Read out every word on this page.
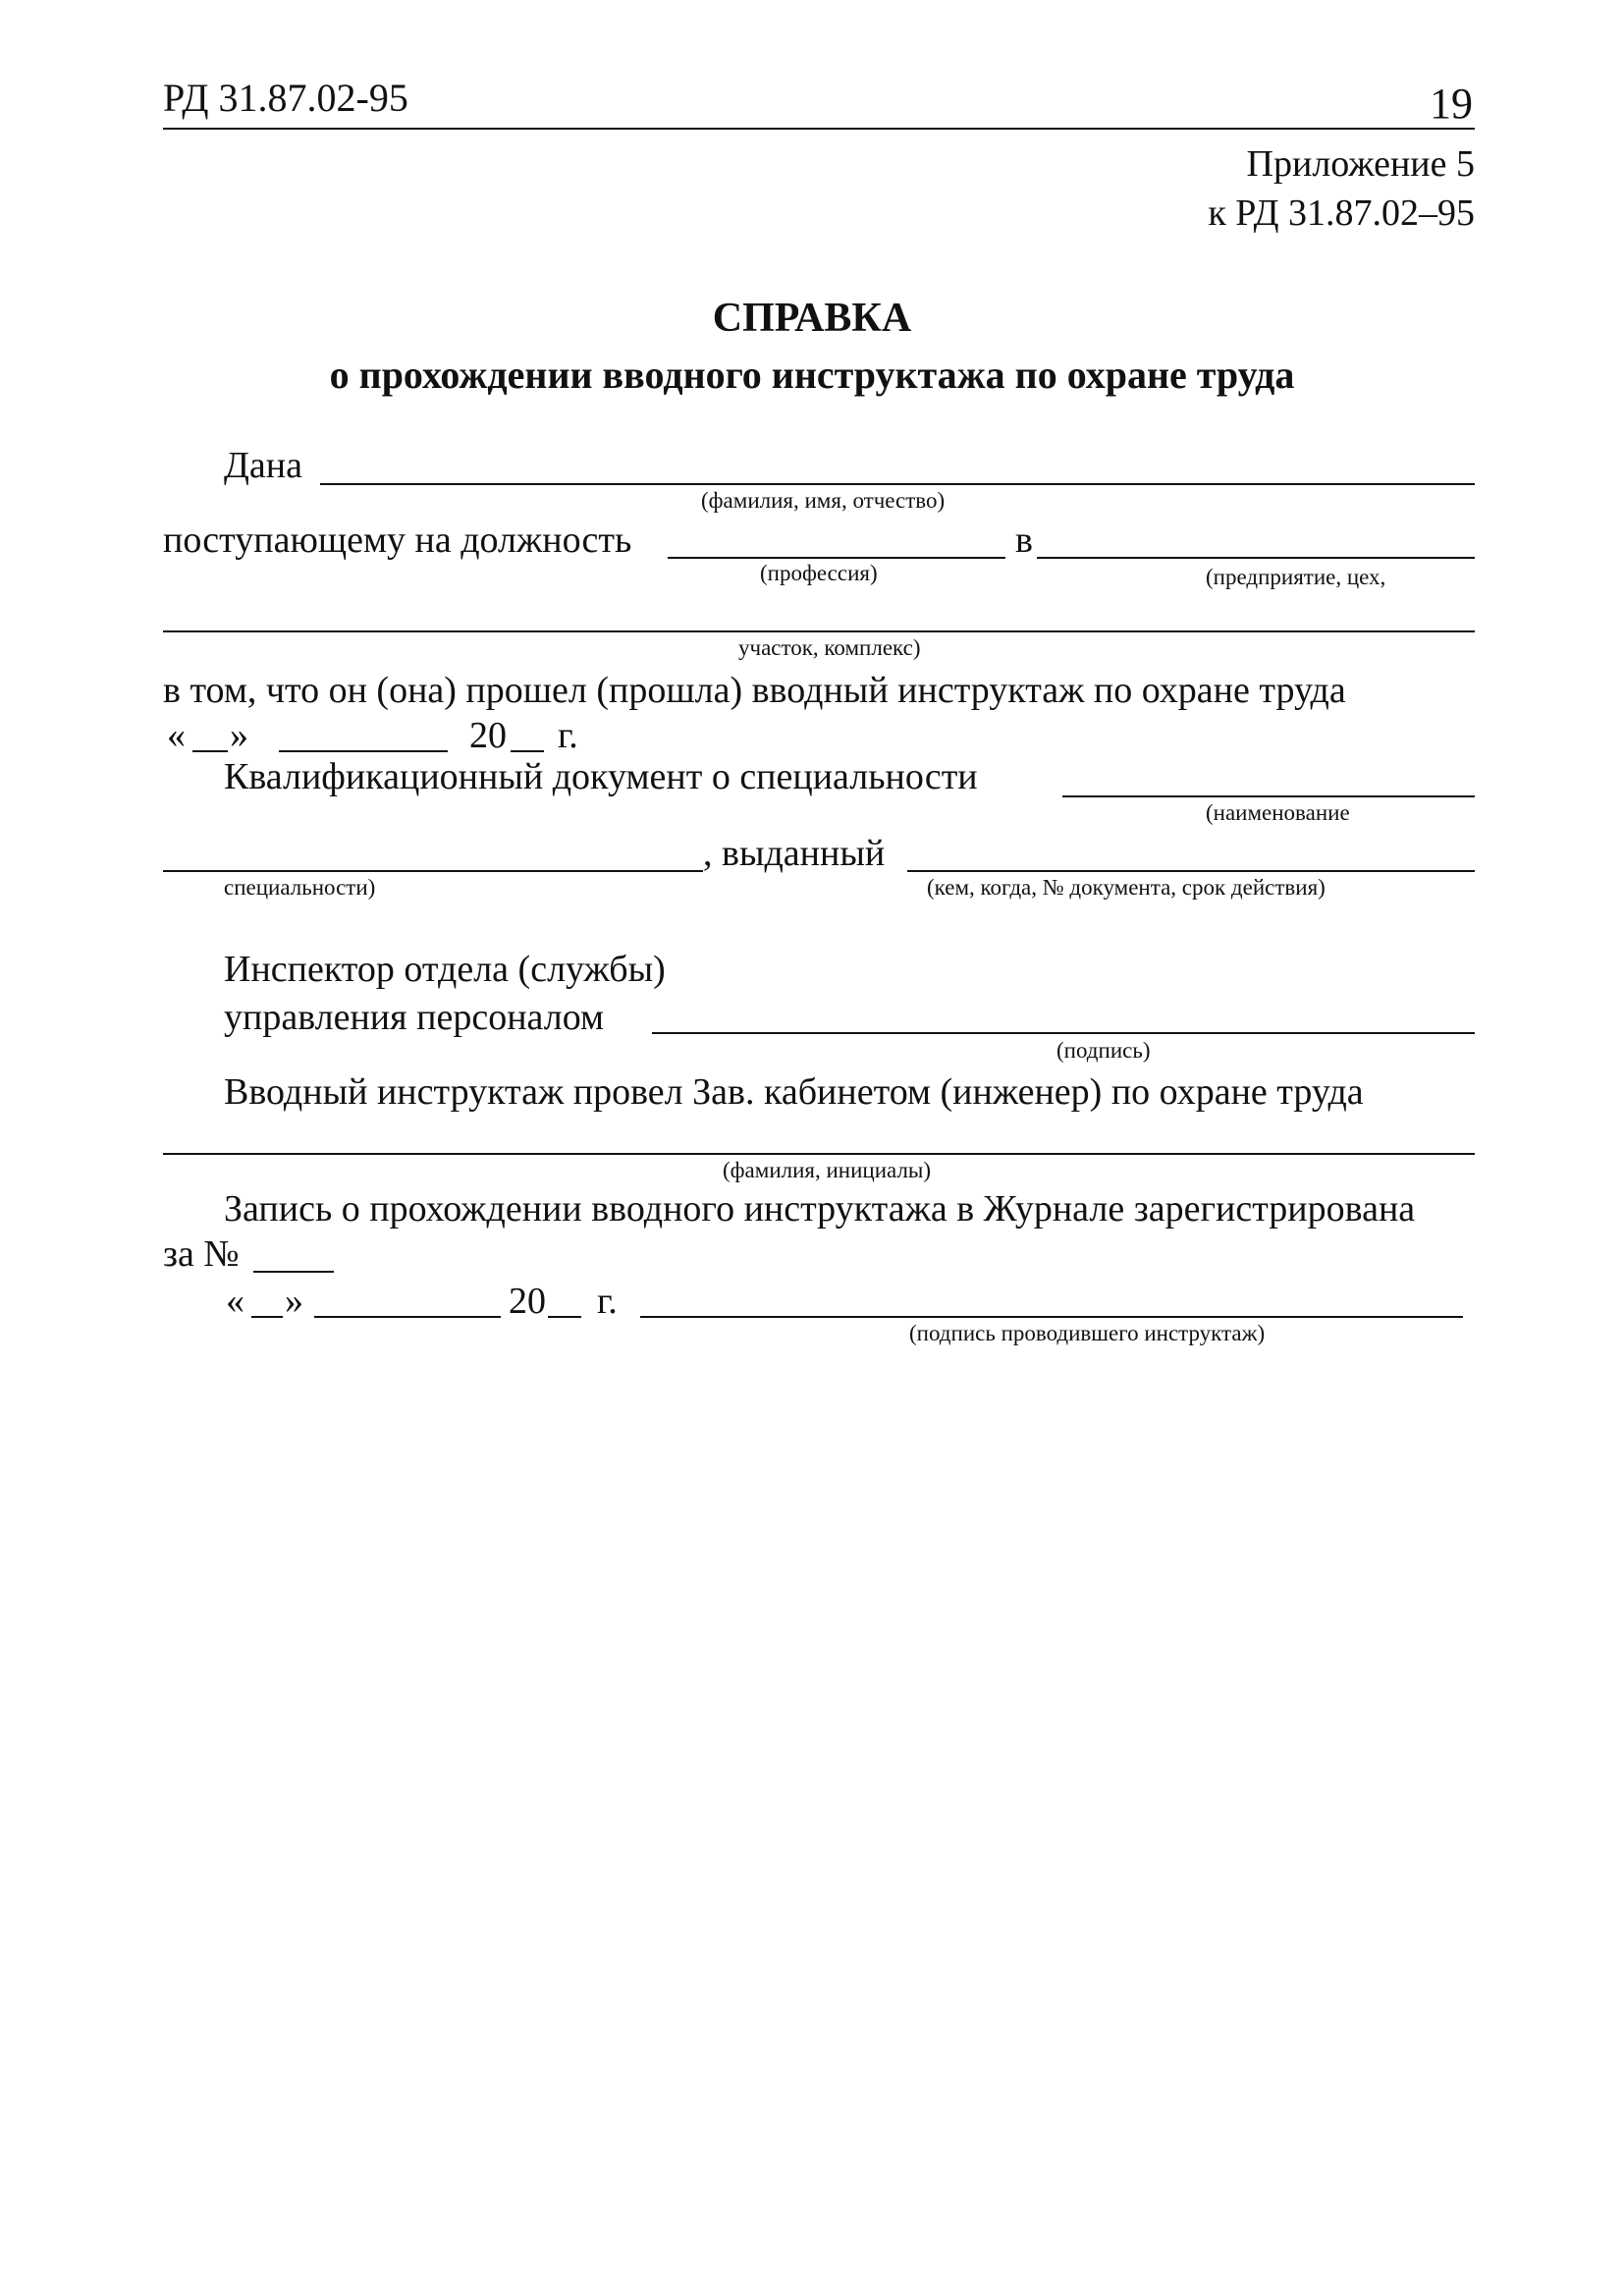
РД 31.87.02-95	19
Приложение 5
к РД 31.87.02–95
СПРАВКА
о прохождении вводного инструктажа по охране труда
Дана
(фамилия, имя, отчество)
поступающему на должность	в
(профессия)	(предприятие, цех,
участок, комплекс)
в том, что он (она) прошел (прошла) вводный инструктаж по охране труда
« »	20 г.
Квалификационный документ о специальности
(наименование
, выданный
специальности)	(кем, когда, № документа, срок действия)
Инспектор отдела (службы)
управления персоналом
(подпись)
Вводный инструктаж провел Зав. кабинетом (инженер) по охране труда
(фамилия, инициалы)
Запись о прохождении вводного инструктажа в Журнале зарегистрирована
за №
« »	20 г.
(подпись проводившего инструктаж)
